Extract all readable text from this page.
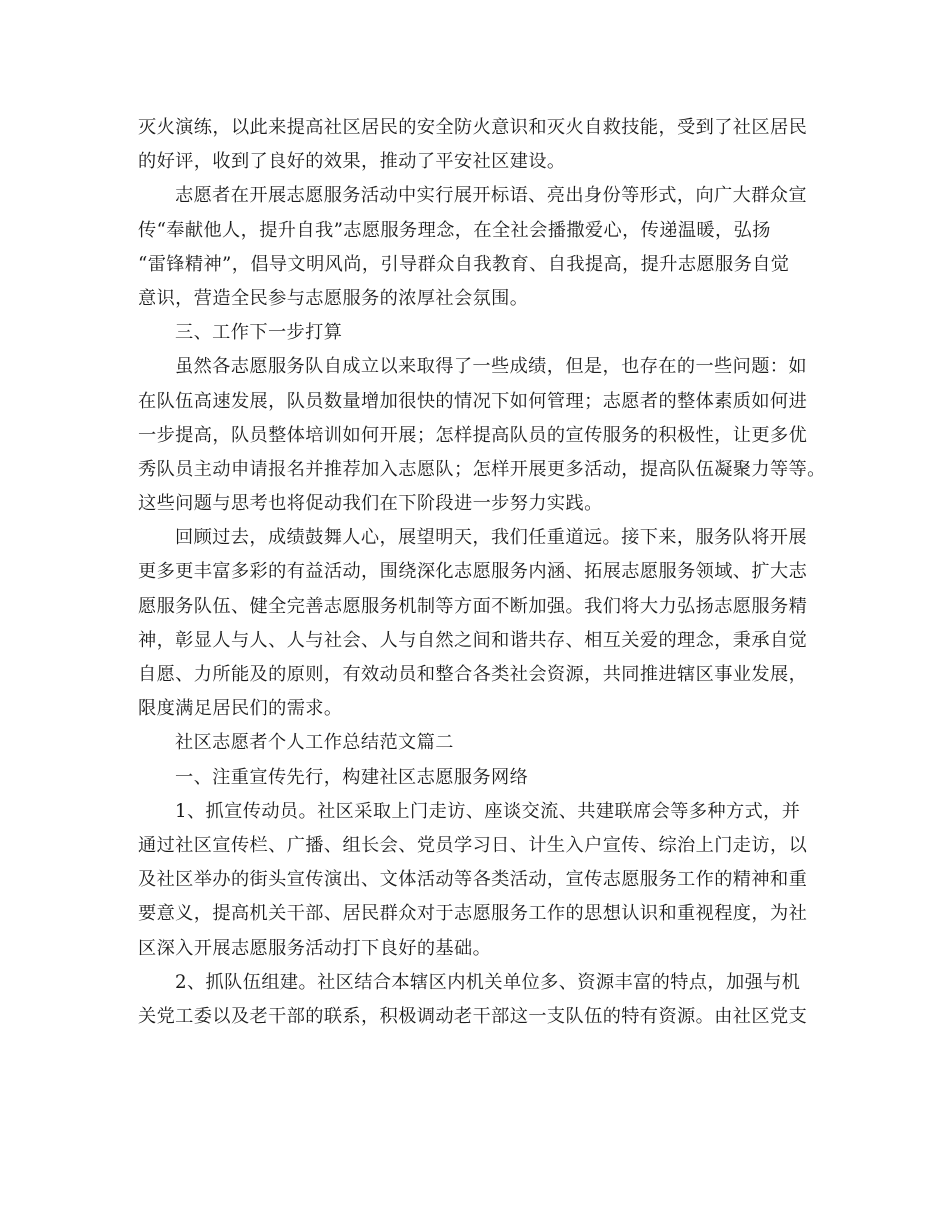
灭火演练，以此来提高社区居民的安全防火意识和灭火自救技能，受到了社区居民
的好评，收到了良好的效果，推动了平安社区建设。
志愿者在开展志愿服务活动中实行展开标语、亮出身份等形式，向广大群众宣
传“奉献他人，提升自我”志愿服务理念，在全社会播撒爱心，传递温暖，弘扬
“雷锋精神”，倡导文明风尚，引导群众自我教育、自我提高，提升志愿服务自觉
意识，营造全民参与志愿服务的浓厚社会氛围。
三、工作下一步打算
虽然各志愿服务队自成立以来取得了一些成绩，但是，也存在的一些问题：如
在队伍高速发展，队员数量增加很快的情况下如何管理；志愿者的整体素质如何进
一步提高，队员整体培训如何开展；怎样提高队员的宣传服务的积极性，让更多优
秀队员主动申请报名并推荐加入志愿队；怎样开展更多活动，提高队伍凝聚力等等。
这些问题与思考也将促动我们在下阶段进一步努力实践。
回顾过去，成绩鼓舞人心，展望明天，我们任重道远。接下来，服务队将开展
更多更丰富多彩的有益活动，围绕深化志愿服务内涵、拓展志愿服务领域、扩大志
愿服务队伍、健全完善志愿服务机制等方面不断加强。我们将大力弘扬志愿服务精
神，彰显人与人、人与社会、人与自然之间和谐共存、相互关爱的理念，秉承自觉
自愿、力所能及的原则，有效动员和整合各类社会资源，共同推进辖区事业发展，
限度满足居民们的需求。
社区志愿者个人工作总结范文篇二
一、注重宣传先行，构建社区志愿服务网络
1、抓宣传动员。社区采取上门走访、座谈交流、共建联席会等多种方式，并
通过社区宣传栏、广播、组长会、党员学习日、计生入户宣传、综治上门走访，以
及社区举办的街头宣传演出、文体活动等各类活动，宣传志愿服务工作的精神和重
要意义，提高机关干部、居民群众对于志愿服务工作的思想认识和重视程度，为社
区深入开展志愿服务活动打下良好的基础。
2、抓队伍组建。社区结合本辖区内机关单位多、资源丰富的特点，加强与机
关党工委以及老干部的联系，积极调动老干部这一支队伍的特有资源。由社区党支
